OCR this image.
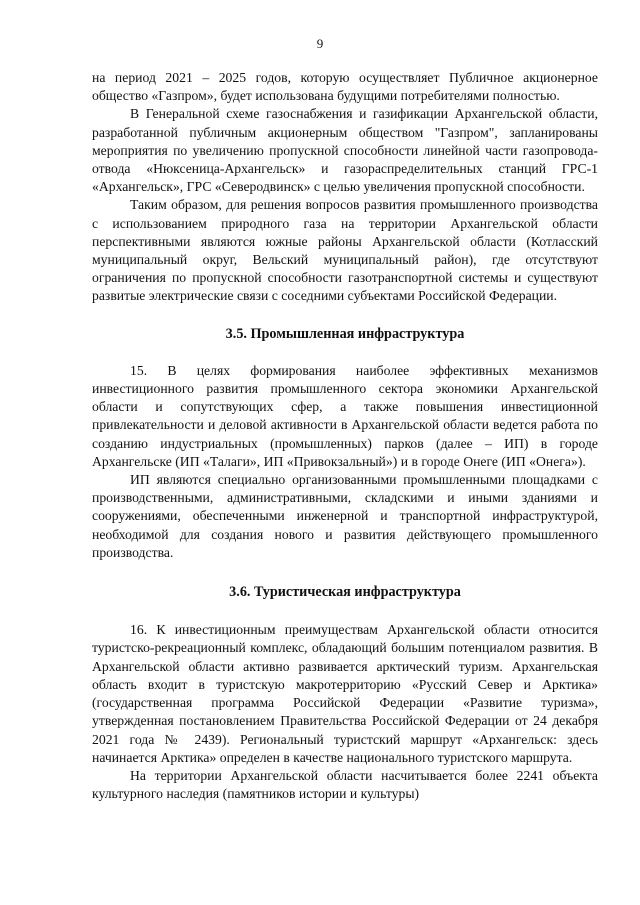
9

на период 2021 – 2025 годов, которую осуществляет Публичное акционерное общество «Газпром», будет использована будущими потребителями полностью.

В Генеральной схеме газоснабжения и газификации Архангельской области, разработанной публичным акционерным обществом "Газпром", запланированы мероприятия по увеличению пропускной способности линейной части газопровода-отвода «Нюксеница-Архангельск» и газораспределительных станций ГРС-1 «Архангельск», ГРС «Северодвинск» с целью увеличения пропускной способности.

Таким образом, для решения вопросов развития промышленного производства с использованием природного газа на территории Архангельской области перспективными являются южные районы Архангельской области (Котласский муниципальный округ, Вельский муниципальный район), где отсутствуют ограничения по пропускной способности газотранспортной системы и существуют развитые электрические связи с соседними субъектами Российской Федерации.

3.5. Промышленная инфраструктура

15. В целях формирования наиболее эффективных механизмов инвестиционного развития промышленного сектора экономики Архангельской области и сопутствующих сфер, а также повышения инвестиционной привлекательности и деловой активности в Архангельской области ведется работа по созданию индустриальных (промышленных) парков (далее – ИП) в городе Архангельске (ИП «Талаги», ИП «Привокзальный») и в городе Онеге (ИП «Онега»).

ИП являются специально организованными промышленными площадками с производственными, административными, складскими и иными зданиями и сооружениями, обеспеченными инженерной и транспортной инфраструктурой, необходимой для создания нового и развития действующего промышленного производства.

3.6. Туристическая инфраструктура

16. К инвестиционным преимуществам Архангельской области относится туристско-рекреационный комплекс, обладающий большим потенциалом развития. В Архангельской области активно развивается арктический туризм. Архангельская область входит в туристскую макротерриторию «Русский Север и Арктика» (государственная программа Российской Федерации «Развитие туризма», утвержденная постановлением Правительства Российской Федерации от 24 декабря 2021 года № 2439). Региональный туристский маршрут «Архангельск: здесь начинается Арктика» определен в качестве национального туристского маршрута.

На территории Архангельской области насчитывается более 2241 объекта культурного наследия (памятников истории и культуры)
